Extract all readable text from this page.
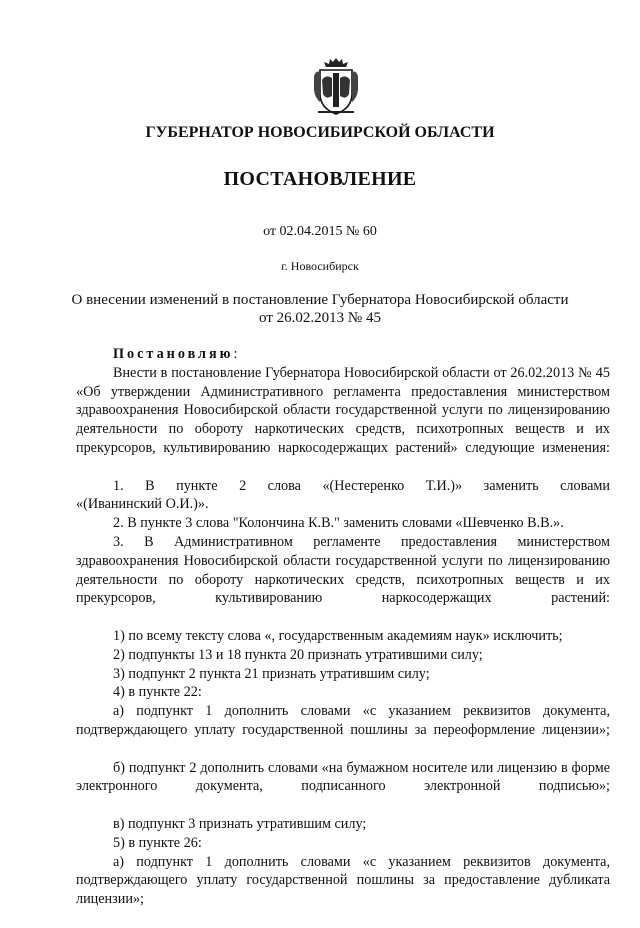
ГУБЕРНАТОР НОВОСИБИРСКОЙ ОБЛАСТИ
ПОСТАНОВЛЕНИЕ
от 02.04.2015 № 60
г. Новосибирск
О внесении изменений в постановление Губернатора Новосибирской области
от 26.02.2013 № 45

Постановляю:

Внести в постановление Губернатора Новосибирской области от 26.02.2013 № 45 «Об утверждении Административного регламента предоставления министерством здравоохранения Новосибирской области государственной услуги по лицензированию деятельности по обороту наркотических средств, психотропных веществ и их прекурсоров, культивированию наркосодержащих растений» следующие изменения:

1. В пункте 2 слова «(Нестеренко Т.И.)» заменить словами

«(Иванинский О.И.)».

2. В пункте 3 слова "Колончина К.В." заменить словами «Шевченко В.В.».

3. В Административном регламенте предоставления министерством здравоохранения Новосибирской области государственной услуги по лицензированию деятельности по обороту наркотических средств, психотропных веществ и их прекурсоров, культивированию наркосодержащих растений:

1) по всему тексту слова «, государственным академиям наук» исключить;

2) подпункты 13 и 18 пункта 20 признать утратившими силу;

3) подпункт 2 пункта 21 признать утратившим силу;

4) в пункте 22:

а) подпункт 1 дополнить словами «с указанием реквизитов документа, подтверждающего уплату государственной пошлины за переоформление лицензии»;

б) подпункт 2 дополнить словами «на бумажном носителе или лицензию в форме электронного документа, подписанного электронной подписью»;

в) подпункт 3 признать утратившим силу;

5) в пункте 26:

а) подпункт 1 дополнить словами «с указанием реквизитов документа, подтверждающего уплату государственной пошлины за предоставление дубликата лицензии»;
